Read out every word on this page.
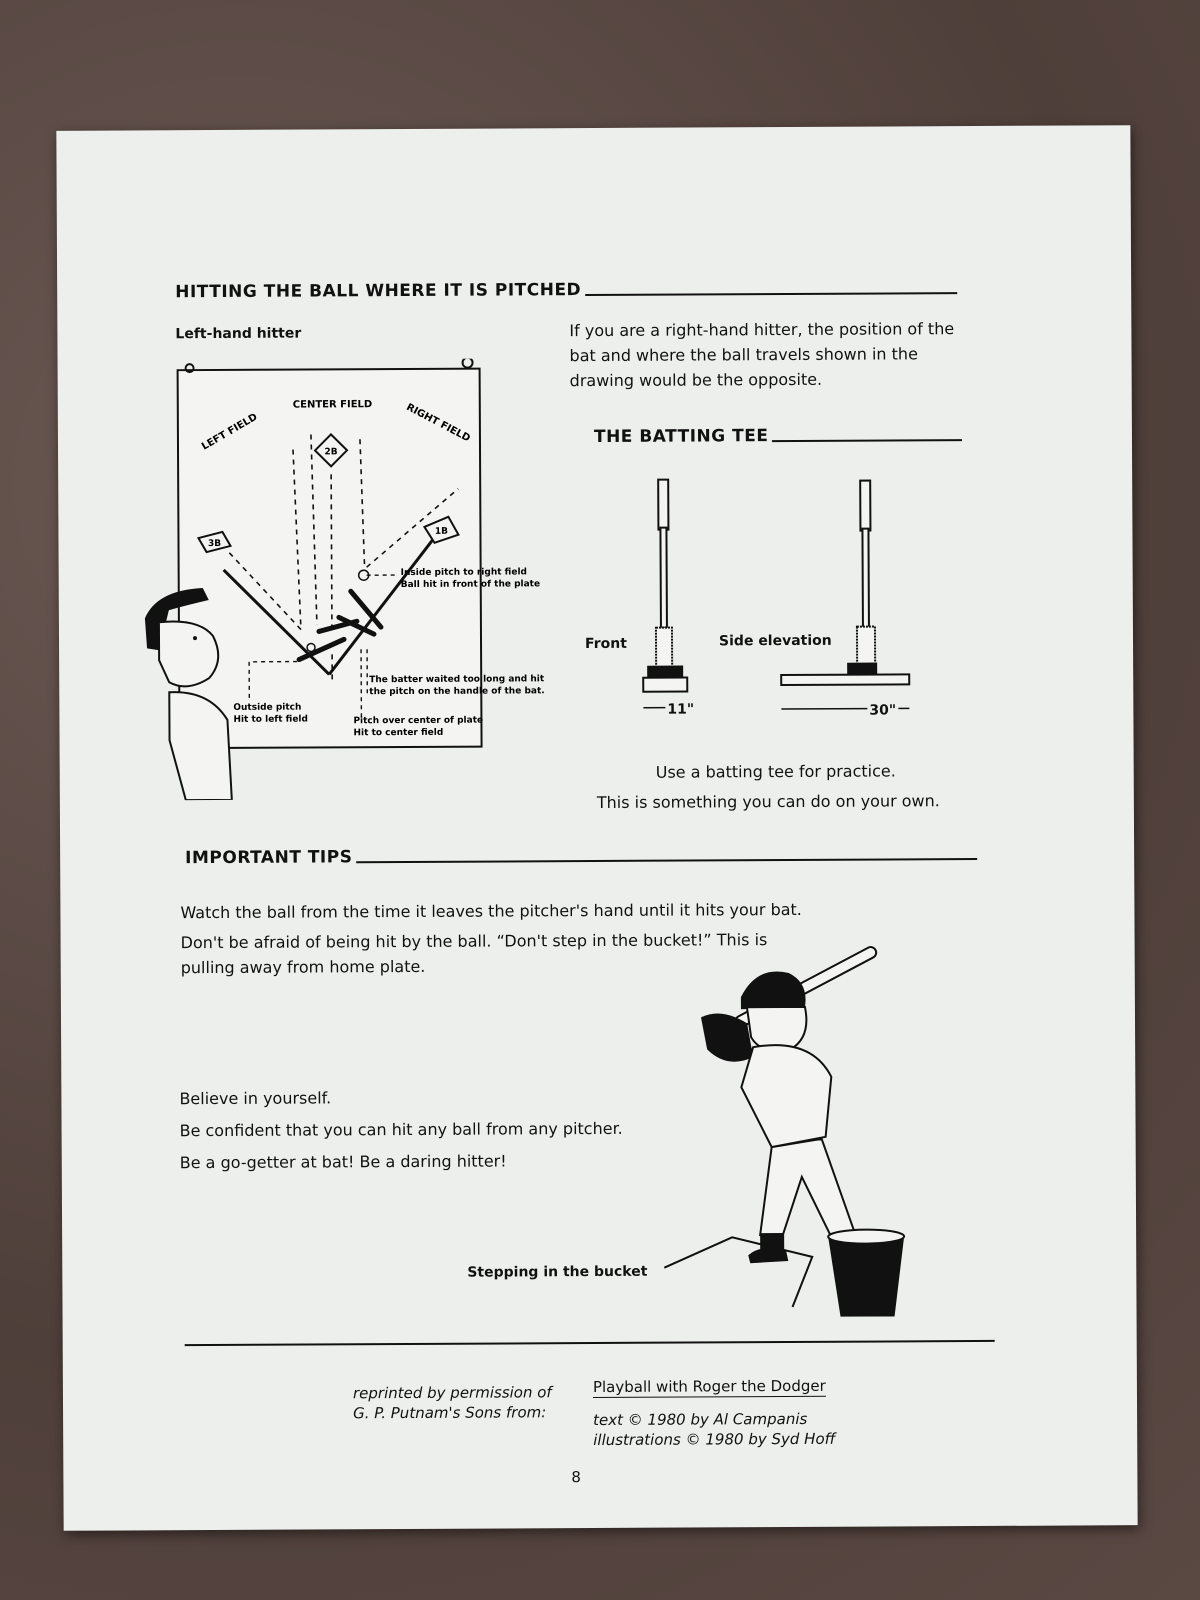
HITTING THE BALL WHERE IT IS PITCHED
Left-hand hitter	If you are a right-hand hitter, the position of the bat and where the ball travels shown in the drawing would be the opposite.
2B
3B
1B
CENTER FIELD
LEFT FIELD	RIGHT FIELD
Inside pitch to right field
Ball hit in front of the plate
The batter waited too long and hit
the pitch on the handle of the bat.
Outside pitch
Hit to left field	Pitch over center of plate
Hit to center field
THE BATTING TEE
Front	Side elevation
11"	30"
Use a batting tee for practice.
This is something you can do on your own.
IMPORTANT TIPS
Watch the ball from the time it leaves the pitcher's hand until it hits your bat.
Don't be afraid of being hit by the ball. “Don't step in the bucket!” This is pulling away from home plate.
Believe in yourself.
Be confident that you can hit any ball from any pitcher.
Be a go-getter at bat! Be a daring hitter!
Stepping in the bucket
reprinted by permission of
G. P. Putnam's Sons from:
Playball with Roger the Dodger
text © 1980 by Al Campanis
illustrations © 1980 by Syd Hoff
8
